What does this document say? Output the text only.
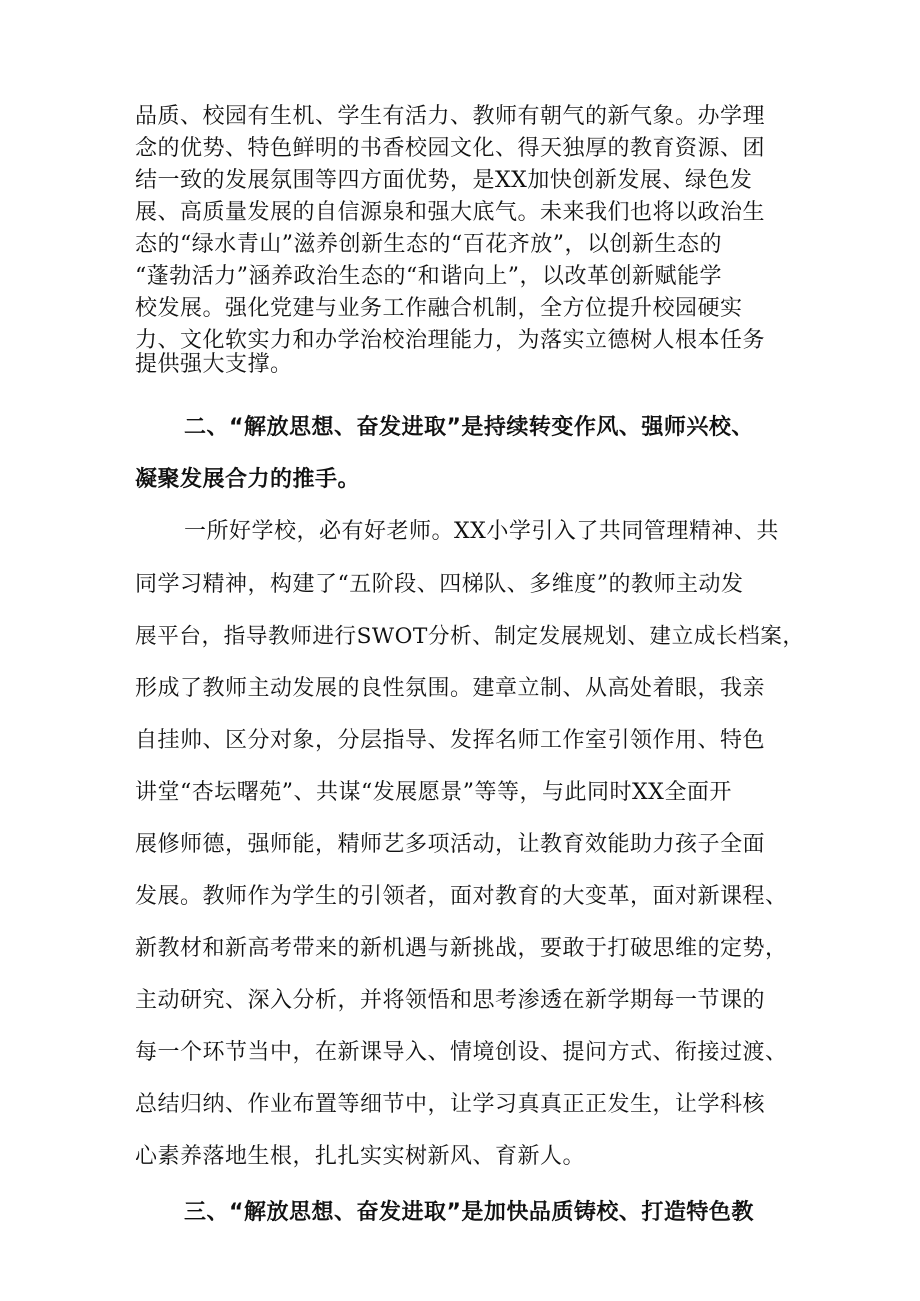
品质、校园有生机、学生有活力、教师有朝气的新气象。办学理
念的优势、特色鲜明的书香校园文化、得天独厚的教育资源、团
结一致的发展氛围等四方面优势，是XX加快创新发展、绿色发
展、高质量发展的自信源泉和强大底气。未来我们也将以政治生
态的“绿水青山”滋养创新生态的“百花齐放”，以创新生态的
“蓬勃活力”涵养政治生态的“和谐向上”，以改革创新赋能学
校发展。强化党建与业务工作融合机制，全方位提升校园硬实
力、文化软实力和办学治校治理能力，为落实立德树人根本任务
提供强大支撑。
二、“解放思想、奋发进取”是持续转变作风、强师兴校、
凝聚发展合力的推手。
一所好学校，必有好老师。XX小学引入了共同管理精神、共
同学习精神，构建了“五阶段、四梯队、多维度”的教师主动发
展平台，指导教师进行SWOT分析、制定发展规划、建立成长档案，
形成了教师主动发展的良性氛围。建章立制、从高处着眼，我亲
自挂帅、区分对象，分层指导、发挥名师工作室引领作用、特色
讲堂“杏坛曙苑”、共谋“发展愿景”等等，与此同时XX全面开
展修师德，强师能，精师艺多项活动，让教育效能助力孩子全面
发展。教师作为学生的引领者，面对教育的大变革，面对新课程、
新教材和新高考带来的新机遇与新挑战，要敢于打破思维的定势，
主动研究、深入分析，并将领悟和思考渗透在新学期每一节课的
每一个环节当中，在新课导入、情境创设、提问方式、衔接过渡、
总结归纳、作业布置等细节中，让学习真真正正发生，让学科核
心素养落地生根，扎扎实实树新风、育新人。
三、“解放思想、奋发进取”是加快品质铸校、打造特色教
